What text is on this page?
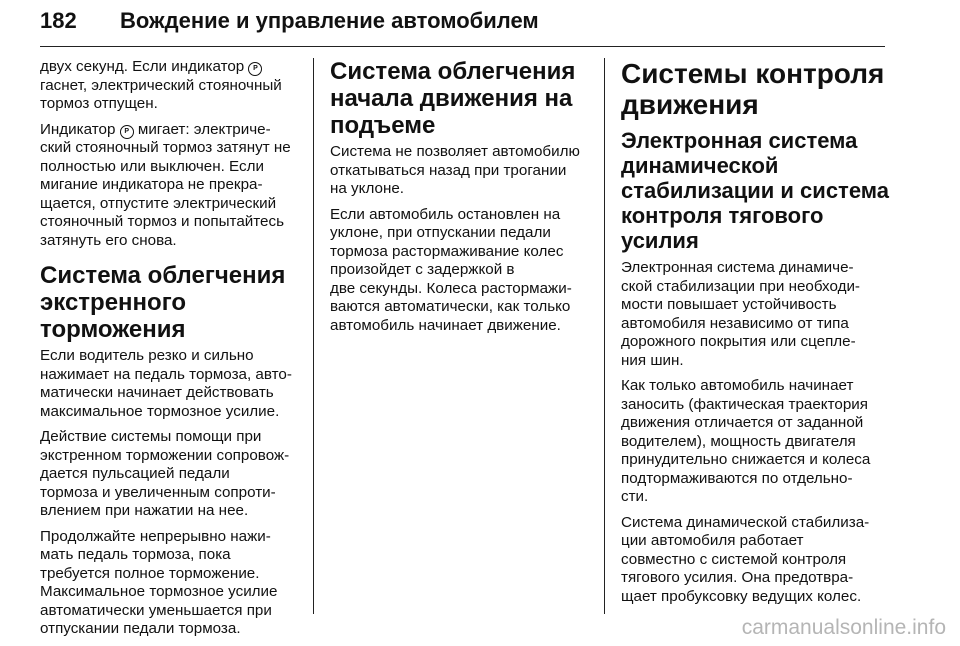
182 Вождение и управление автомобилем

двух секунд. Если индикатор P
гаснет, электрический стояночный
тормоз отпущен.

Индикатор P мигает: электриче-
ский стояночный тормоз затянут не
полностью или выключен. Если
мигание индикатора не прекра-
щается, отпустите электрический
стояночный тормоз и попытайтесь
затянуть его снова.

Система облегчения
экстренного торможения

Если водитель резко и сильно
нажимает на педаль тормоза, авто-
матически начинает действовать
максимальное тормозное усилие.

Действие системы помощи при
экстренном торможении сопровож-
дается пульсацией педали
тормоза и увеличенным сопроти-
влением при нажатии на нее.

Продолжайте непрерывно нажи-
мать педаль тормоза, пока
требуется полное торможение.
Максимальное тормозное усилие
автоматически уменьшается при
отпускании педали тормоза.

Система облегчения
начала движения на
подъеме

Система не позволяет автомобилю
откатываться назад при трогании
на уклоне.

Если автомобиль остановлен на
уклоне, при отпускании педали
тормоза растормаживание колес
произойдет с задержкой в
две секунды. Колеса растормажи-
ваются автоматически, как только
автомобиль начинает движение.

Системы контроля
движения
Электронная система
динамической
стабилизации и система
контроля тягового усилия

Электронная система динамиче-
ской стабилизации при необходи-
мости повышает устойчивость
автомобиля независимо от типа
дорожного покрытия или сцепле-
ния шин.

Как только автомобиль начинает
заносить (фактическая траектория
движения отличается от заданной
водителем), мощность двигателя
принудительно снижается и колеса
подтормаживаются по отдельно-
сти.

Система динамической стабилиза-
ции автомобиля работает
совместно с системой контроля
тягового усилия. Она предотвра-
щает пробуксовку ведущих колес.

carmanualsonline.info
